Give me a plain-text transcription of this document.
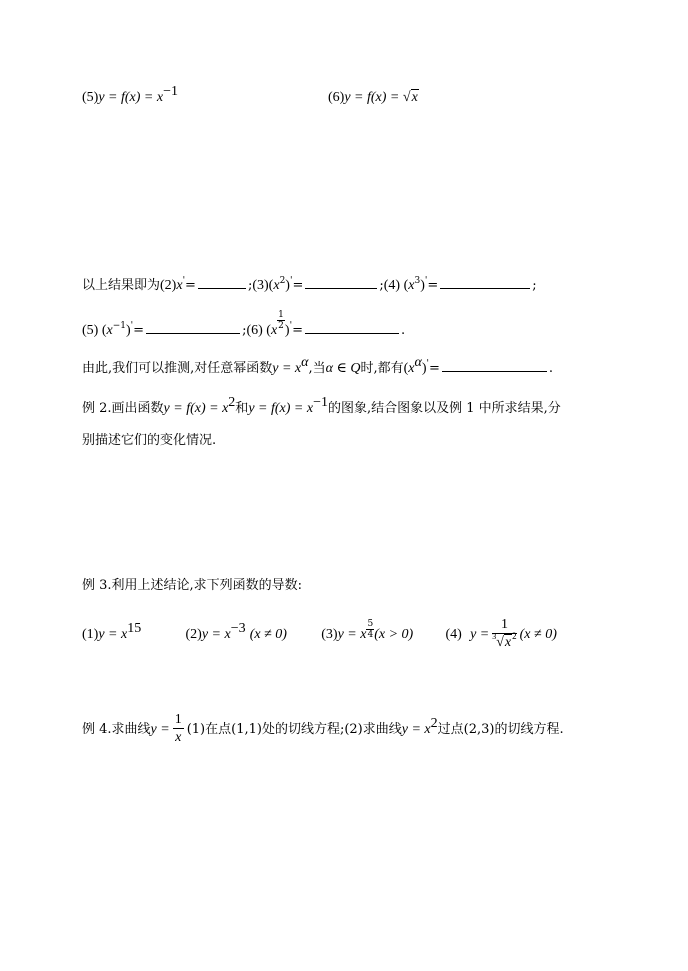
$(5)y = f(x) = x^{-1}$	(6)y = f(x) = √x
以上结果即为(2)x'=	$;(3)(x^2)'=$	;(4) $(x^3)'=$	;
(5) $(x^{-1})'=$	;(6) $(x \frac{1}{2})'=$	.
由此,我们可以推测,对任意幂函数$y = x^\alpha$,当α ∈ Q时,都有$(x^\alpha)'=$	.
例 2.画出函数$y = f(x) = x^2$和$y = f(x) = x^{-1}$的图象,结合图象以及例 1 中所求结果,分
别描述它们的变化情况.
例 3.利用上述结论,求下列函数的导数:
$(1)y = x^{15}$	$(2)y = x^{-3}$ (x ≠ 0) (3)y = x $\frac{5}{4}(x > 0)$ (4) $y = \frac{1}{^3√x^2} (x \ne 0)$
例 4.求曲线$y = \frac{1}{x} (1)$在点(1,1)处的切线方程;(2)求曲线$y = x^2$过点(2,3)的切线方程.
